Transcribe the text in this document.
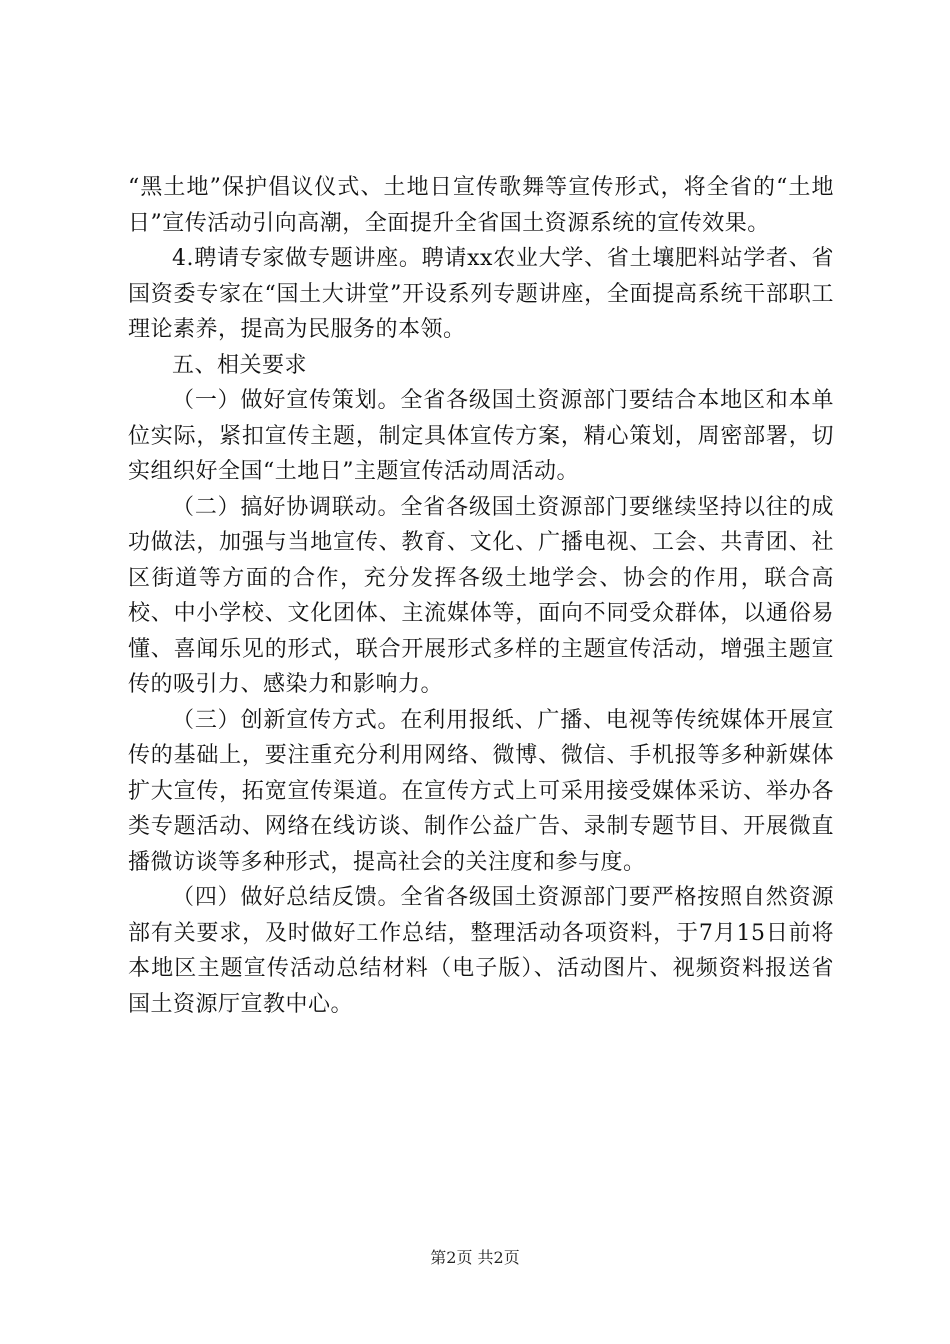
“黑土地”保护倡议仪式、土地日宣传歌舞等宣传形式，将全省的“土地日”宣传活动引向高潮，全面提升全省国土资源系统的宣传效果。

4.聘请专家做专题讲座。聘请xx农业大学、省土壤肥料站学者、省国资委专家在“国土大讲堂”开设系列专题讲座，全面提高系统干部职工理论素养，提高为民服务的本领。

五、相关要求

（一）做好宣传策划。全省各级国土资源部门要结合本地区和本单位实际，紧扣宣传主题，制定具体宣传方案，精心策划，周密部署，切实组织好全国“土地日”主题宣传活动周活动。

（二）搞好协调联动。全省各级国土资源部门要继续坚持以往的成功做法，加强与当地宣传、教育、文化、广播电视、工会、共青团、社区街道等方面的合作，充分发挥各级土地学会、协会的作用，联合高校、中小学校、文化团体、主流媒体等，面向不同受众群体，以通俗易懂、喜闻乐见的形式，联合开展形式多样的主题宣传活动，增强主题宣传的吸引力、感染力和影响力。

（三）创新宣传方式。在利用报纸、广播、电视等传统媒体开展宣传的基础上，要注重充分利用网络、微博、微信、手机报等多种新媒体扩大宣传，拓宽宣传渠道。在宣传方式上可采用接受媒体采访、举办各类专题活动、网络在线访谈、制作公益广告、录制专题节目、开展微直播微访谈等多种形式，提高社会的关注度和参与度。

（四）做好总结反馈。全省各级国土资源部门要严格按照自然资源部有关要求，及时做好工作总结，整理活动各项资料，于7月15日前将本地区主题宣传活动总结材料（电子版）、活动图片、视频资料报送省国土资源厅宣教中心。

第2页 共2页
